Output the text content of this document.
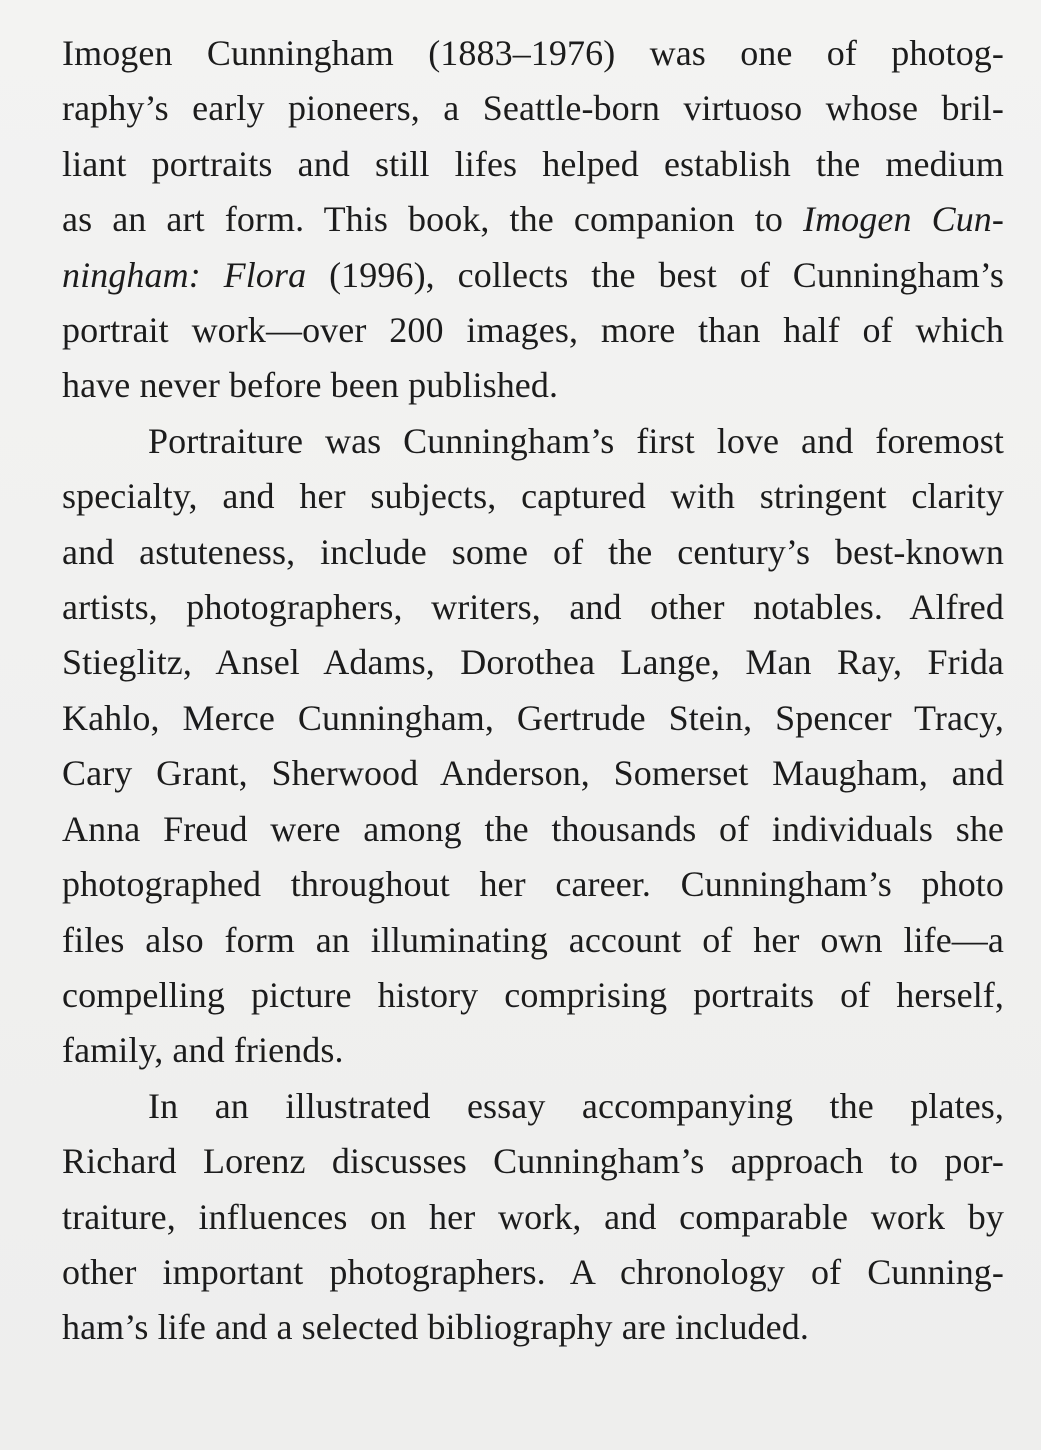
Imogen Cunningham (1883–1976) was one of photog-
raphy’s early pioneers, a Seattle-born virtuoso whose bril-
liant portraits and still lifes helped establish the medium
as an art form. This book, the companion to Imogen Cun-
ningham: Flora (1996), collects the best of Cunningham’s
portrait work—over 200 images, more than half of which
have never before been published.
Portraiture was Cunningham’s first love and foremost
specialty, and her subjects, captured with stringent clarity
and astuteness, include some of the century’s best-known
artists, photographers, writers, and other notables. Alfred
Stieglitz, Ansel Adams, Dorothea Lange, Man Ray, Frida
Kahlo, Merce Cunningham, Gertrude Stein, Spencer Tracy,
Cary Grant, Sherwood Anderson, Somerset Maugham, and
Anna Freud were among the thousands of individuals she
photographed throughout her career. Cunningham’s photo
files also form an illuminating account of her own life—a
compelling picture history comprising portraits of herself,
family, and friends.
In an illustrated essay accompanying the plates,
Richard Lorenz discusses Cunningham’s approach to por-
traiture, influences on her work, and comparable work by
other important photographers. A chronology of Cunning-
ham’s life and a selected bibliography are included.
